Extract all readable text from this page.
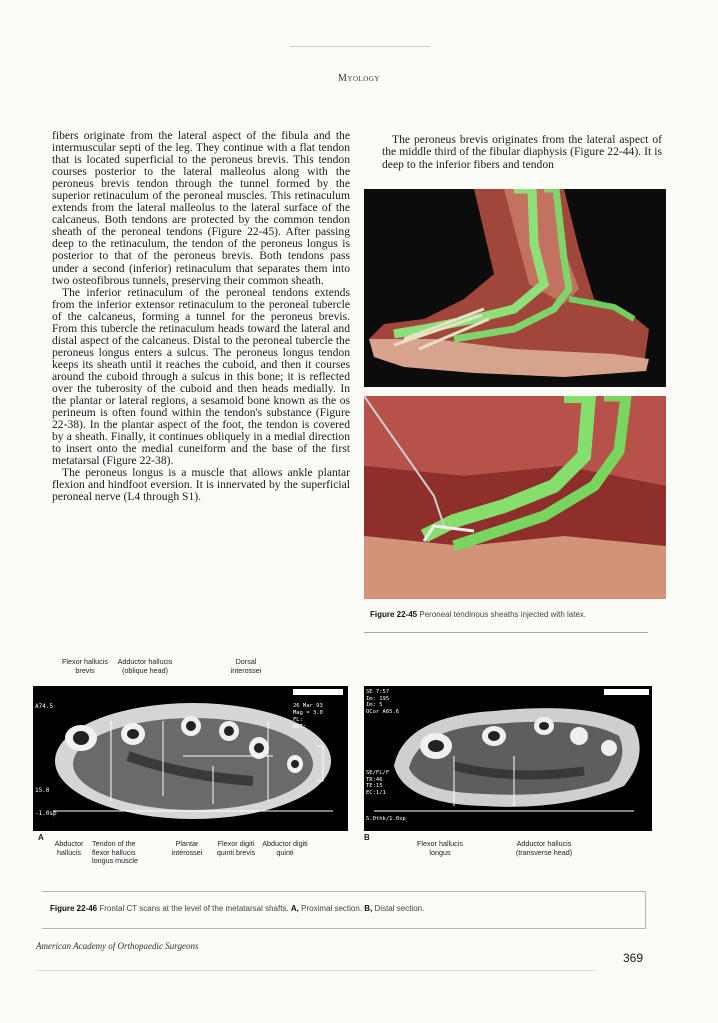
Myology

fibers originate from the lateral aspect of the fibula and the intermuscular septi of the leg. They continue with a flat tendon that is located superficial to the peroneus brevis. This tendon courses posterior to the lateral malleolus along with the peroneus brevis tendon through the tunnel formed by the superior retinaculum of the peroneal muscles. This retinaculum extends from the lateral malleolus to the lateral surface of the calcaneus. Both tendons are protected by the common tendon sheath of the peroneal tendons (Figure 22-45). After passing deep to the retinaculum, the tendon of the peroneus longus is posterior to that of the peroneus brevis. Both tendons pass under a second (inferior) retinaculum that separates them into two osteofibrous tunnels, preserving their common sheath.

The inferior retinaculum of the peroneal tendons extends from the inferior extensor retinaculum to the peroneal tubercle of the calcaneus, forming a tunnel for the peroneus brevis. From this tubercle the retinaculum heads toward the lateral and distal aspect of the calcaneus. Distal to the peroneal tubercle the peroneus longus enters a sulcus. The peroneus longus tendon keeps its sheath until it reaches the cuboid, and then it courses around the cuboid through a sulcus in this bone; it is reflected over the tuberosity of the cuboid and then heads medially. In the plantar or lateral regions, a sesamoid bone known as the os perineum is often found within the tendon's substance (Figure 22-38). In the plantar aspect of the foot, the tendon is covered by a sheath. Finally, it continues obliquely in a medial direction to insert onto the medial cuneiform and the base of the first metatarsal (Figure 22-38).

The peroneus longus is a muscle that allows ankle plantar flexion and hindfoot eversion. It is innervated by the superficial peroneal nerve (L4 through S1).

The peroneus brevis originates from the lateral aspect of the middle third of the fibular diaphysis (Figure 22-44). It is deep to the inferior fibers and tendon

Figure 22-45 Peroneal tendinous sheaths injected with latex.
Flexor hallucis brevis
Adductor hallucis (oblique head)
Dorsal interossei
A74.5
15.0
-1.0sp
26 Mar 93
Mag = 3.0
FL:
ROT:
SE 7:57
Im: 195
Im: 5
OCor A65.6
SE/FL/F
TR:46
TE:15
EC:1/1
5.0thk/1.0sp
A	B
Abductor hallucis
Tendon of the flexor hallucis longus muscle
Plantar interossei
Flexor digiti quinti brevis
Abductor digiti quinti
Flexor hallucis longus
Adductor hallucis (transverse head)
Figure 22-46 Frontal CT scans at the level of the metatarsal shafts. A, Proximal section. B, Distal section.
American Academy of Orthopaedic Surgeons
369
